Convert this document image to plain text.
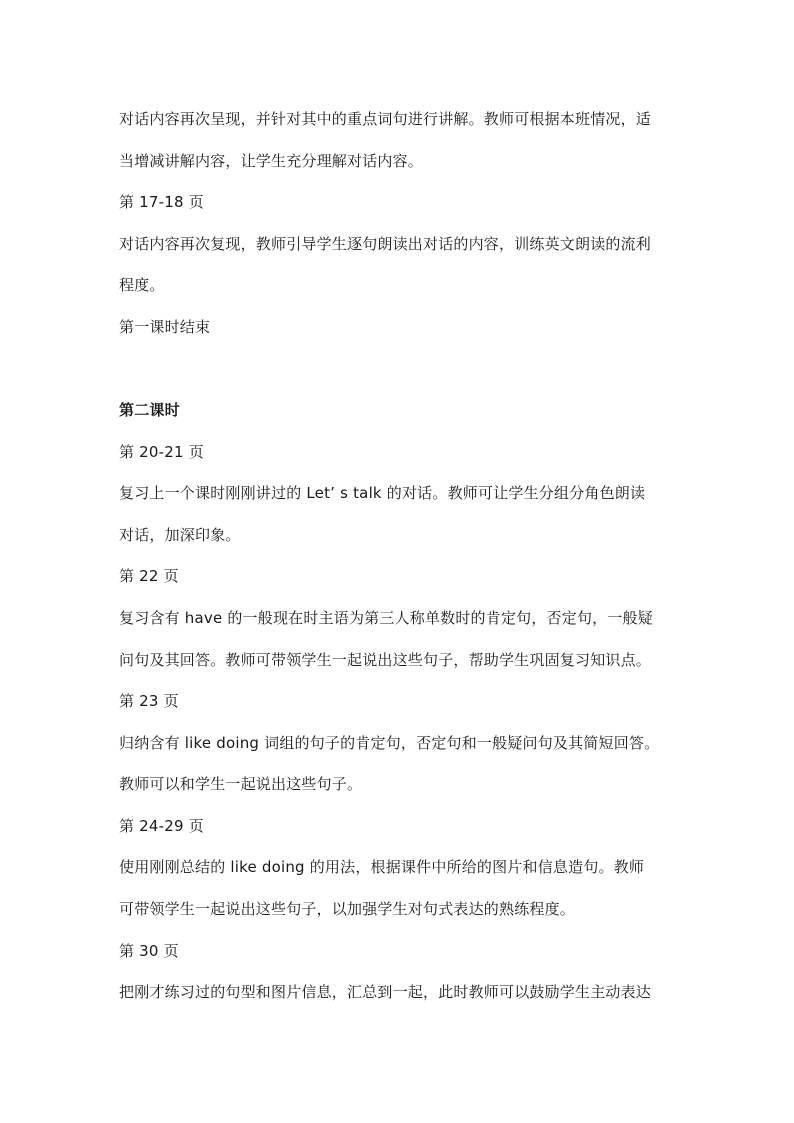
对话内容再次呈现，并针对其中的重点词句进行讲解。教师可根据本班情况，适
当增减讲解内容，让学生充分理解对话内容。
第 17-18 页
对话内容再次复现，教师引导学生逐句朗读出对话的内容，训练英文朗读的流利
程度。
第一课时结束
第二课时
第 20-21 页
复习上一个课时刚刚讲过的 Let’ s talk 的对话。教师可让学生分组分角色朗读
对话，加深印象。
第 22 页
复习含有 have 的一般现在时主语为第三人称单数时的肯定句，否定句，一般疑
问句及其回答。教师可带领学生一起说出这些句子，帮助学生巩固复习知识点。
第 23 页
归纳含有 like doing 词组的句子的肯定句，否定句和一般疑问句及其简短回答。
教师可以和学生一起说出这些句子。
第 24-29 页
使用刚刚总结的 like doing 的用法，根据课件中所给的图片和信息造句。教师
可带领学生一起说出这些句子，以加强学生对句式表达的熟练程度。
第 30 页
把刚才练习过的句型和图片信息，汇总到一起，此时教师可以鼓励学生主动表达
